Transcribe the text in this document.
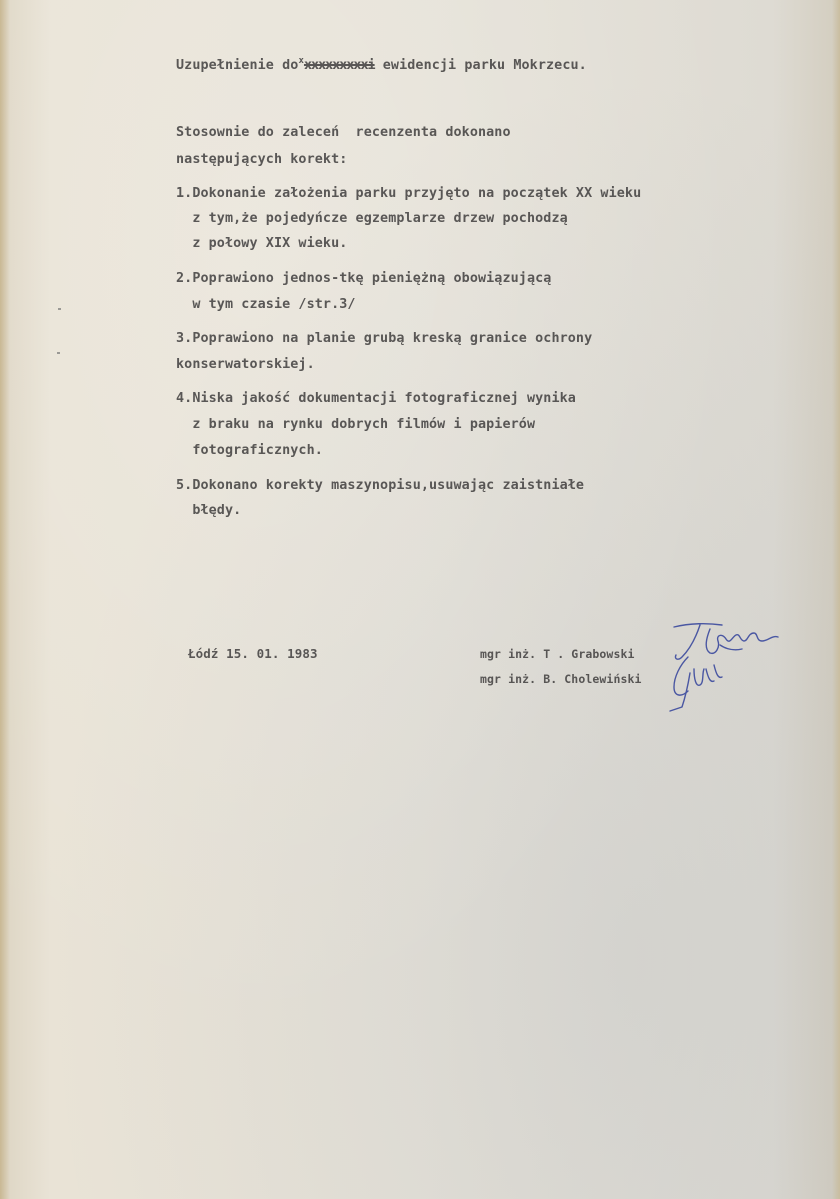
Uzupełnienie $do^xxxxxxxxxxi$ ewidencji parku Mokrzecu.
Stosownie do zaleceń  recenzenta dokonano
następujących korekt:
1.Dokonanie założenia parku przyjęto na początek XX wieku
z tym,że pojedyńcze egzemplarze drzew pochodzą
z połowy XIX wieku.
2.Poprawiono jednos-tkę pieniężną obowiązującą
w tym czasie /str.3/
3.Poprawiono na planie grubą kreską granice ochrony
konserwatorskiej.
4.Niska jakość dokumentacji fotograficznej wynika
z braku na rynku dobrych filmów i papierów
fotograficznych.
5.Dokonano korekty maszynopisu,usuwając zaistniałe
błędy.
Łódź 15. 01. 1983	mgr inż. T . Grabowski
mgr inż. B. Cholewiński
